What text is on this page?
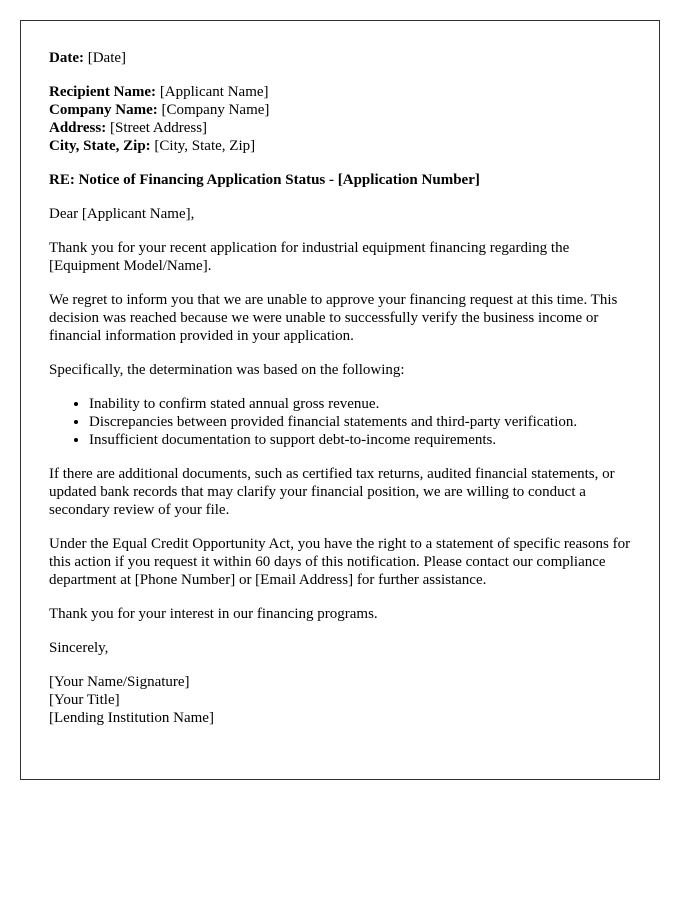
Date: [Date]

Recipient Name: [Applicant Name]
Company Name: [Company Name]
Address: [Street Address]
City, State, Zip: [City, State, Zip]

RE: Notice of Financing Application Status - [Application Number]

Dear [Applicant Name],

Thank you for your recent application for industrial equipment financing regarding the [Equipment Model/Name].

We regret to inform you that we are unable to approve your financing request at this time. This decision was reached because we were unable to successfully verify the business income or financial information provided in your application.

Specifically, the determination was based on the following:

• Inability to confirm stated annual gross revenue.
• Discrepancies between provided financial statements and third-party verification.
• Insufficient documentation to support debt-to-income requirements.

If there are additional documents, such as certified tax returns, audited financial statements, or updated bank records that may clarify your financial position, we are willing to conduct a secondary review of your file.

Under the Equal Credit Opportunity Act, you have the right to a statement of specific reasons for this action if you request it within 60 days of this notification. Please contact our compliance department at [Phone Number] or [Email Address] for further assistance.

Thank you for your interest in our financing programs.

Sincerely,

[Your Name/Signature]
[Your Title]
[Lending Institution Name]
